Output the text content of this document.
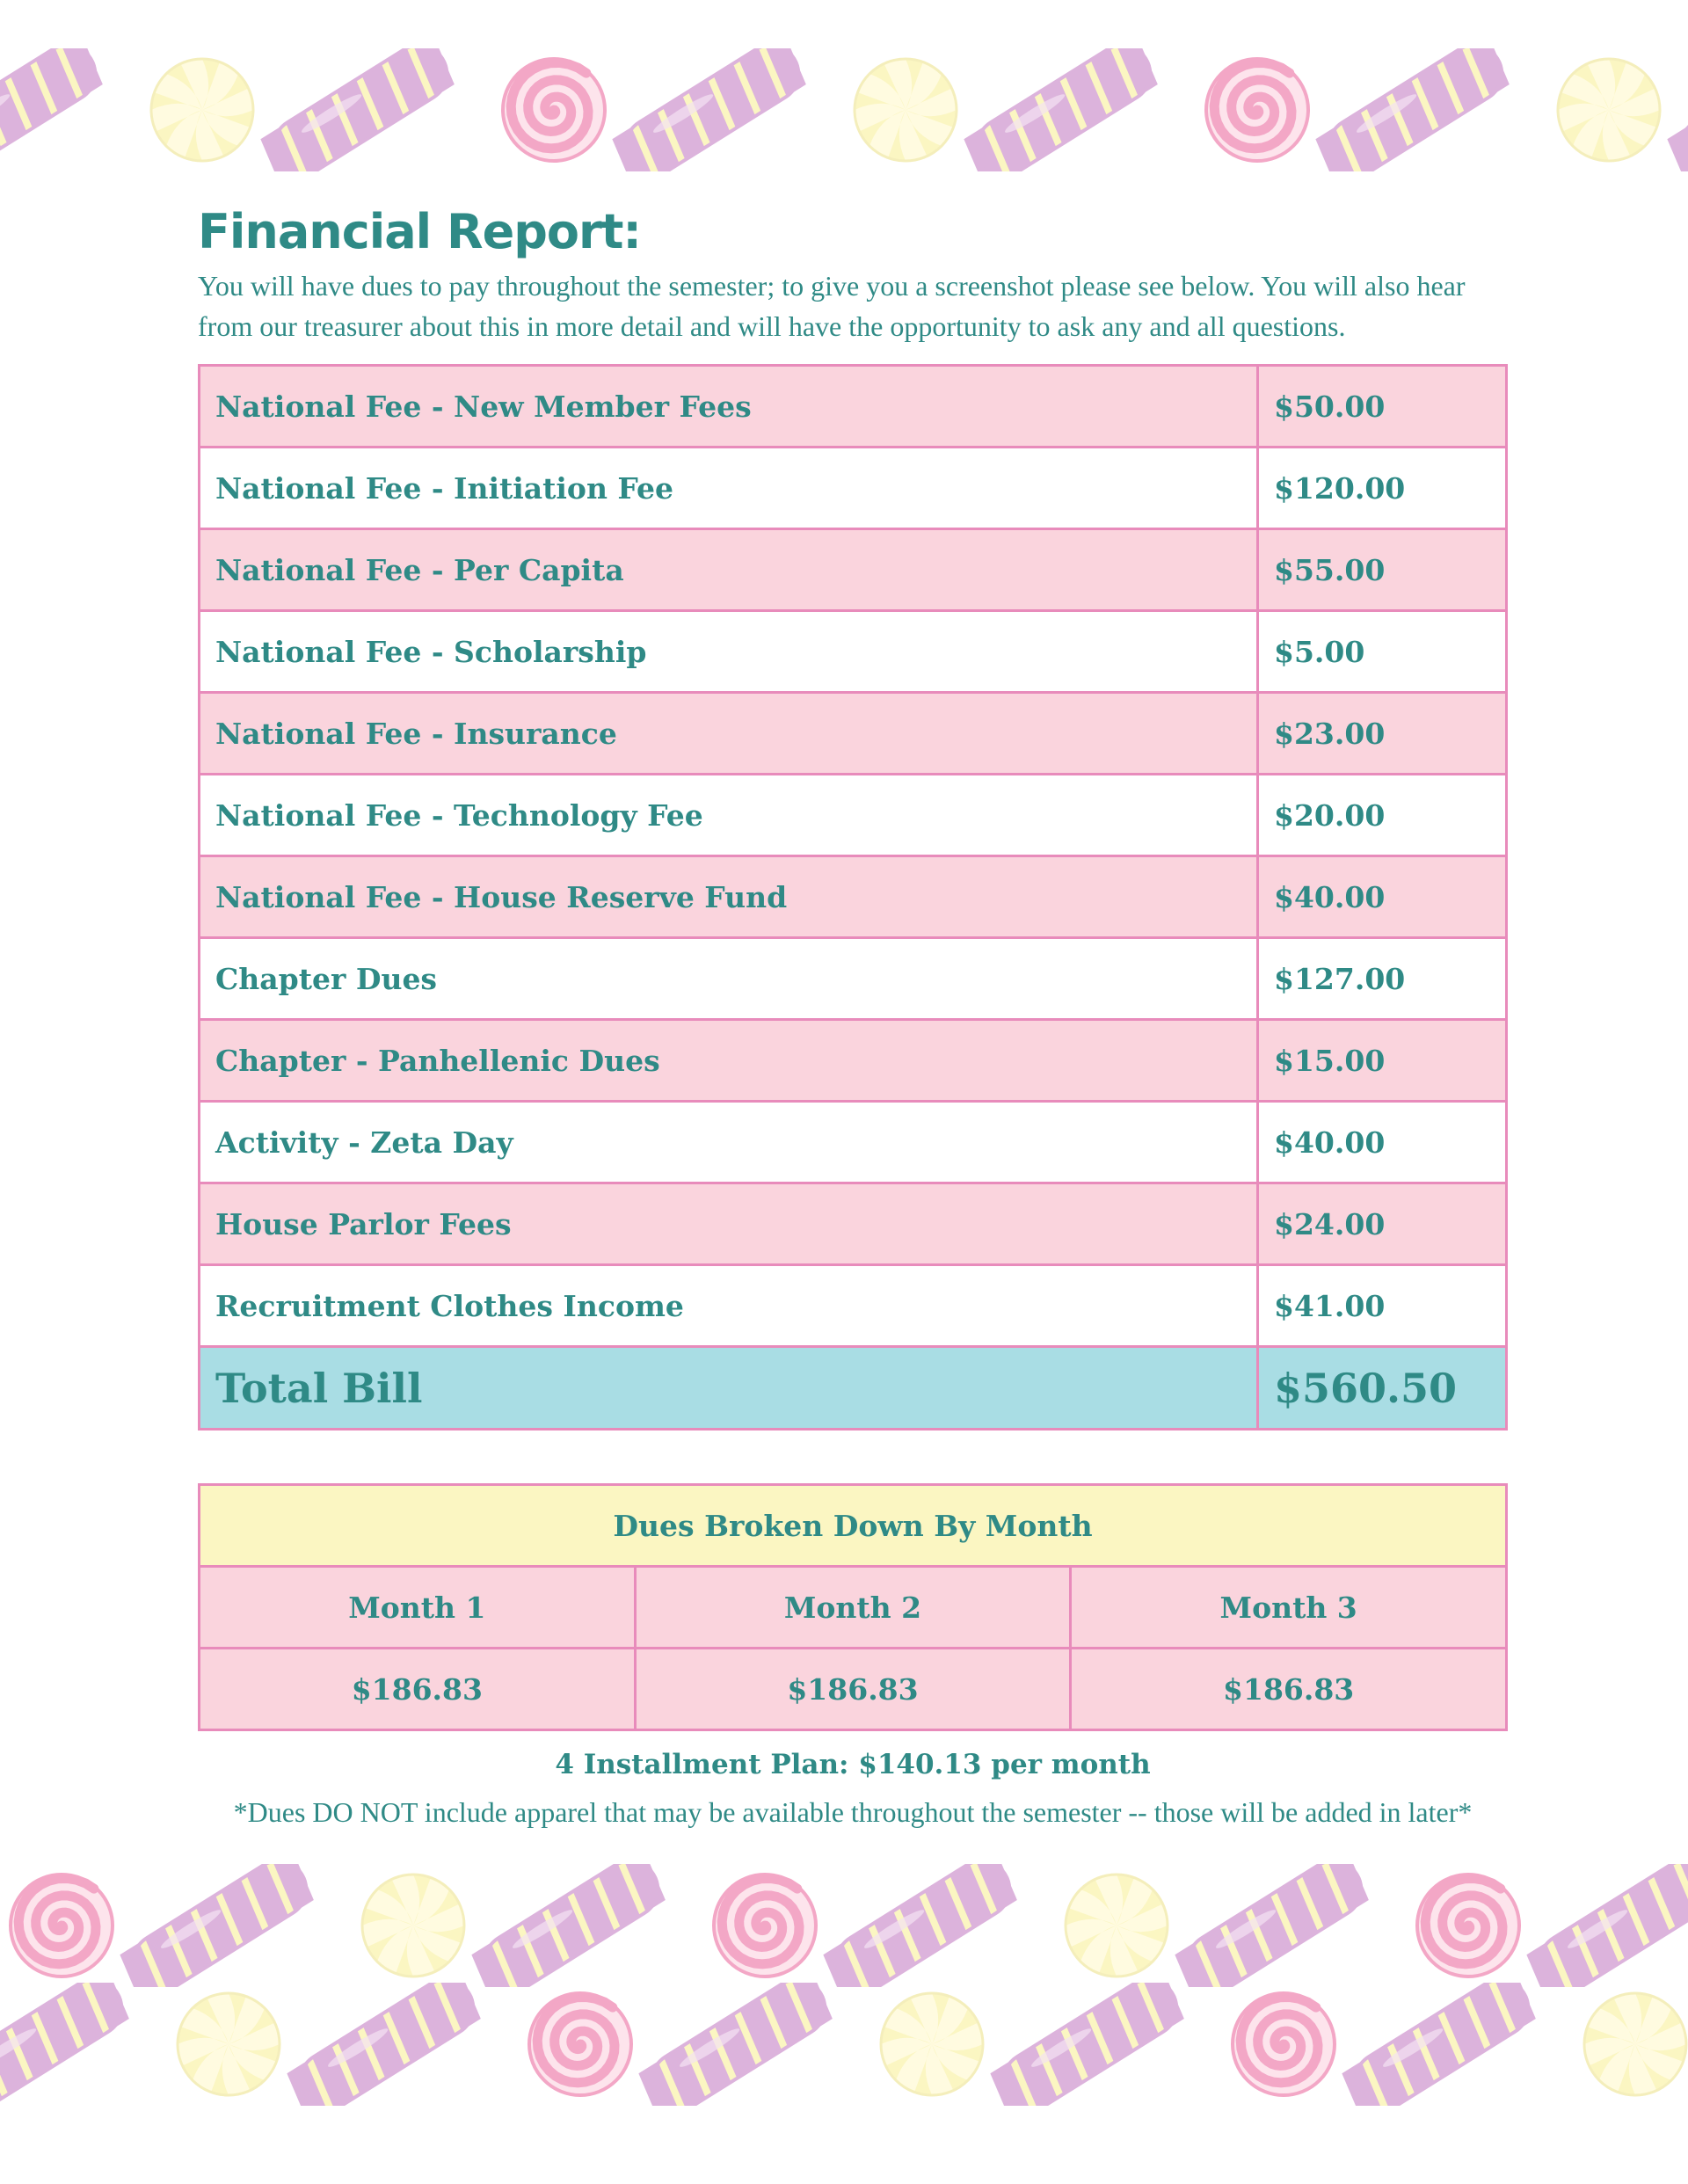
Financial Report:

You will have dues to pay throughout the semester; to give you a screenshot please see below. You will also hear from our treasurer about this in more detail and will have the opportunity to ask any and all questions.

National Fee - New Member Fees	$50.00
National Fee - Initiation Fee	$120.00
National Fee - Per Capita	$55.00
National Fee - Scholarship	$5.00
National Fee - Insurance	$23.00
National Fee - Technology Fee	$20.00
National Fee - House Reserve Fund	$40.00
Chapter Dues	$127.00
Chapter - Panhellenic Dues	$15.00
Activity - Zeta Day	$40.00
House Parlor Fees	$24.00
Recruitment Clothes Income	$41.00
Total Bill	$560.50
Dues Broken Down By Month		
Month 1	Month 2	Month 3
$186.83	$186.83	$186.83

4 Installment Plan: $140.13 per month

*Dues DO NOT include apparel that may be available throughout the semester -- those will be added in later*
